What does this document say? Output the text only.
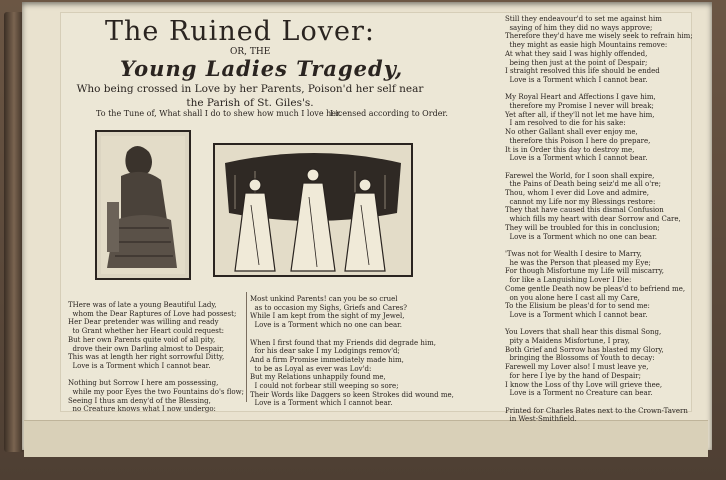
The Ruined Lover:
OR, THE
Young Ladies Tragedy,
Who being crossed in Love by her Parents, Poison'd her self near the Parish of St. Giles's.
To the Tune of, What shall I do to shew how much I love her.
Licensed according to Order.
THere was of late a young Beautiful Lady,
whom the Dear Raptures of Love had possest;
Her Dear pretender was willing and ready
to Grant whether her Heart could request:
But her own Parents quite void of all pity,
drove their own Darling almost to Despair,
This was at length her right sorrowful Ditty,
Love is a Torment which I cannot bear.

Nothing but Sorrow I here am possessing,
while my poor Eyes the two Fountains do's flow;
Seeing I thus am deny'd of the Blessing,
no Creature knows what I now undergo:
Most unkind Parents! can you be so cruel
as to occasion my Sighs, Griefs and Cares?
While I am kept from the sight of my Jewel,
Love is a Torment which no one can bear.

When I first found that my Friends did degrade him,
for his dear sake I my Lodgings remov'd;
And a firm Promise immediately made him,
to be as Loyal as ever was Lov'd:
But my Relations unhappily found me,
I could not forbear still weeping so sore;
Their Words like Daggers so keen Strokes did wound
Love is a Torment which I cannot bear.
Still they endeavour'd to set me against him
saying of him they did no ways approve;
Therefore they'd have me wisely seek to refrain him;
they might as easie high Mountains remove:
At what they said I was highly offended,
being then just at the point of Despair;
I straight resolved this life should be ended
Love is a Torment which I cannot bear.

My Royal Heart and Affections I gave him,
therefore my Promise I never will break;
Yet after all, if they'll not let me have him,
I am resolved to die for his sake:
No other Gallant shall ever enjoy me,
therefore this Poison I here do prepare,
It is in Order this day to destroy me,
Love is a Torment which I cannot bear.

Farewel the World, for I soon shall expire,
the Pains of Death being seiz'd me all o're;
Thou, whom I ever did Love and admire,
cannot my Life nor my Blessings restore:
They that have caused this dismal Confusion
which fills my heart with dear Sorrow and Care,
They will be troubled for this in conclusion;
Love is a Torment which no one can bear.

'Twas not for Wealth I desire to Marry,
he was the Person that pleased my Eye;
For though Misfortune my Life will miscarry,
for like a Languishing Lover I Die:
Come gentle Death now be pleas'd to befriend me,
on you alone here I cast all my Care,
To the Elisium be pleas'd for to send me:
Love is a Torment which I cannot bear.

You Lovers that shall hear this dismal Song,
pity a Maidens Misfortune, I pray,
Both Grief and Sorrow has blasted my Glory,
bringing the Blossoms of Youth to decay:
Farewell my Lover also! I must leave ye,
for here I lye by the hand of Despair;
I know the Loss of thy Love will grieve thee,
Love is a Torment no Creature can bear.

Printed for Charles Bates next to the Crown-Tavern
in West-Smithfield.
